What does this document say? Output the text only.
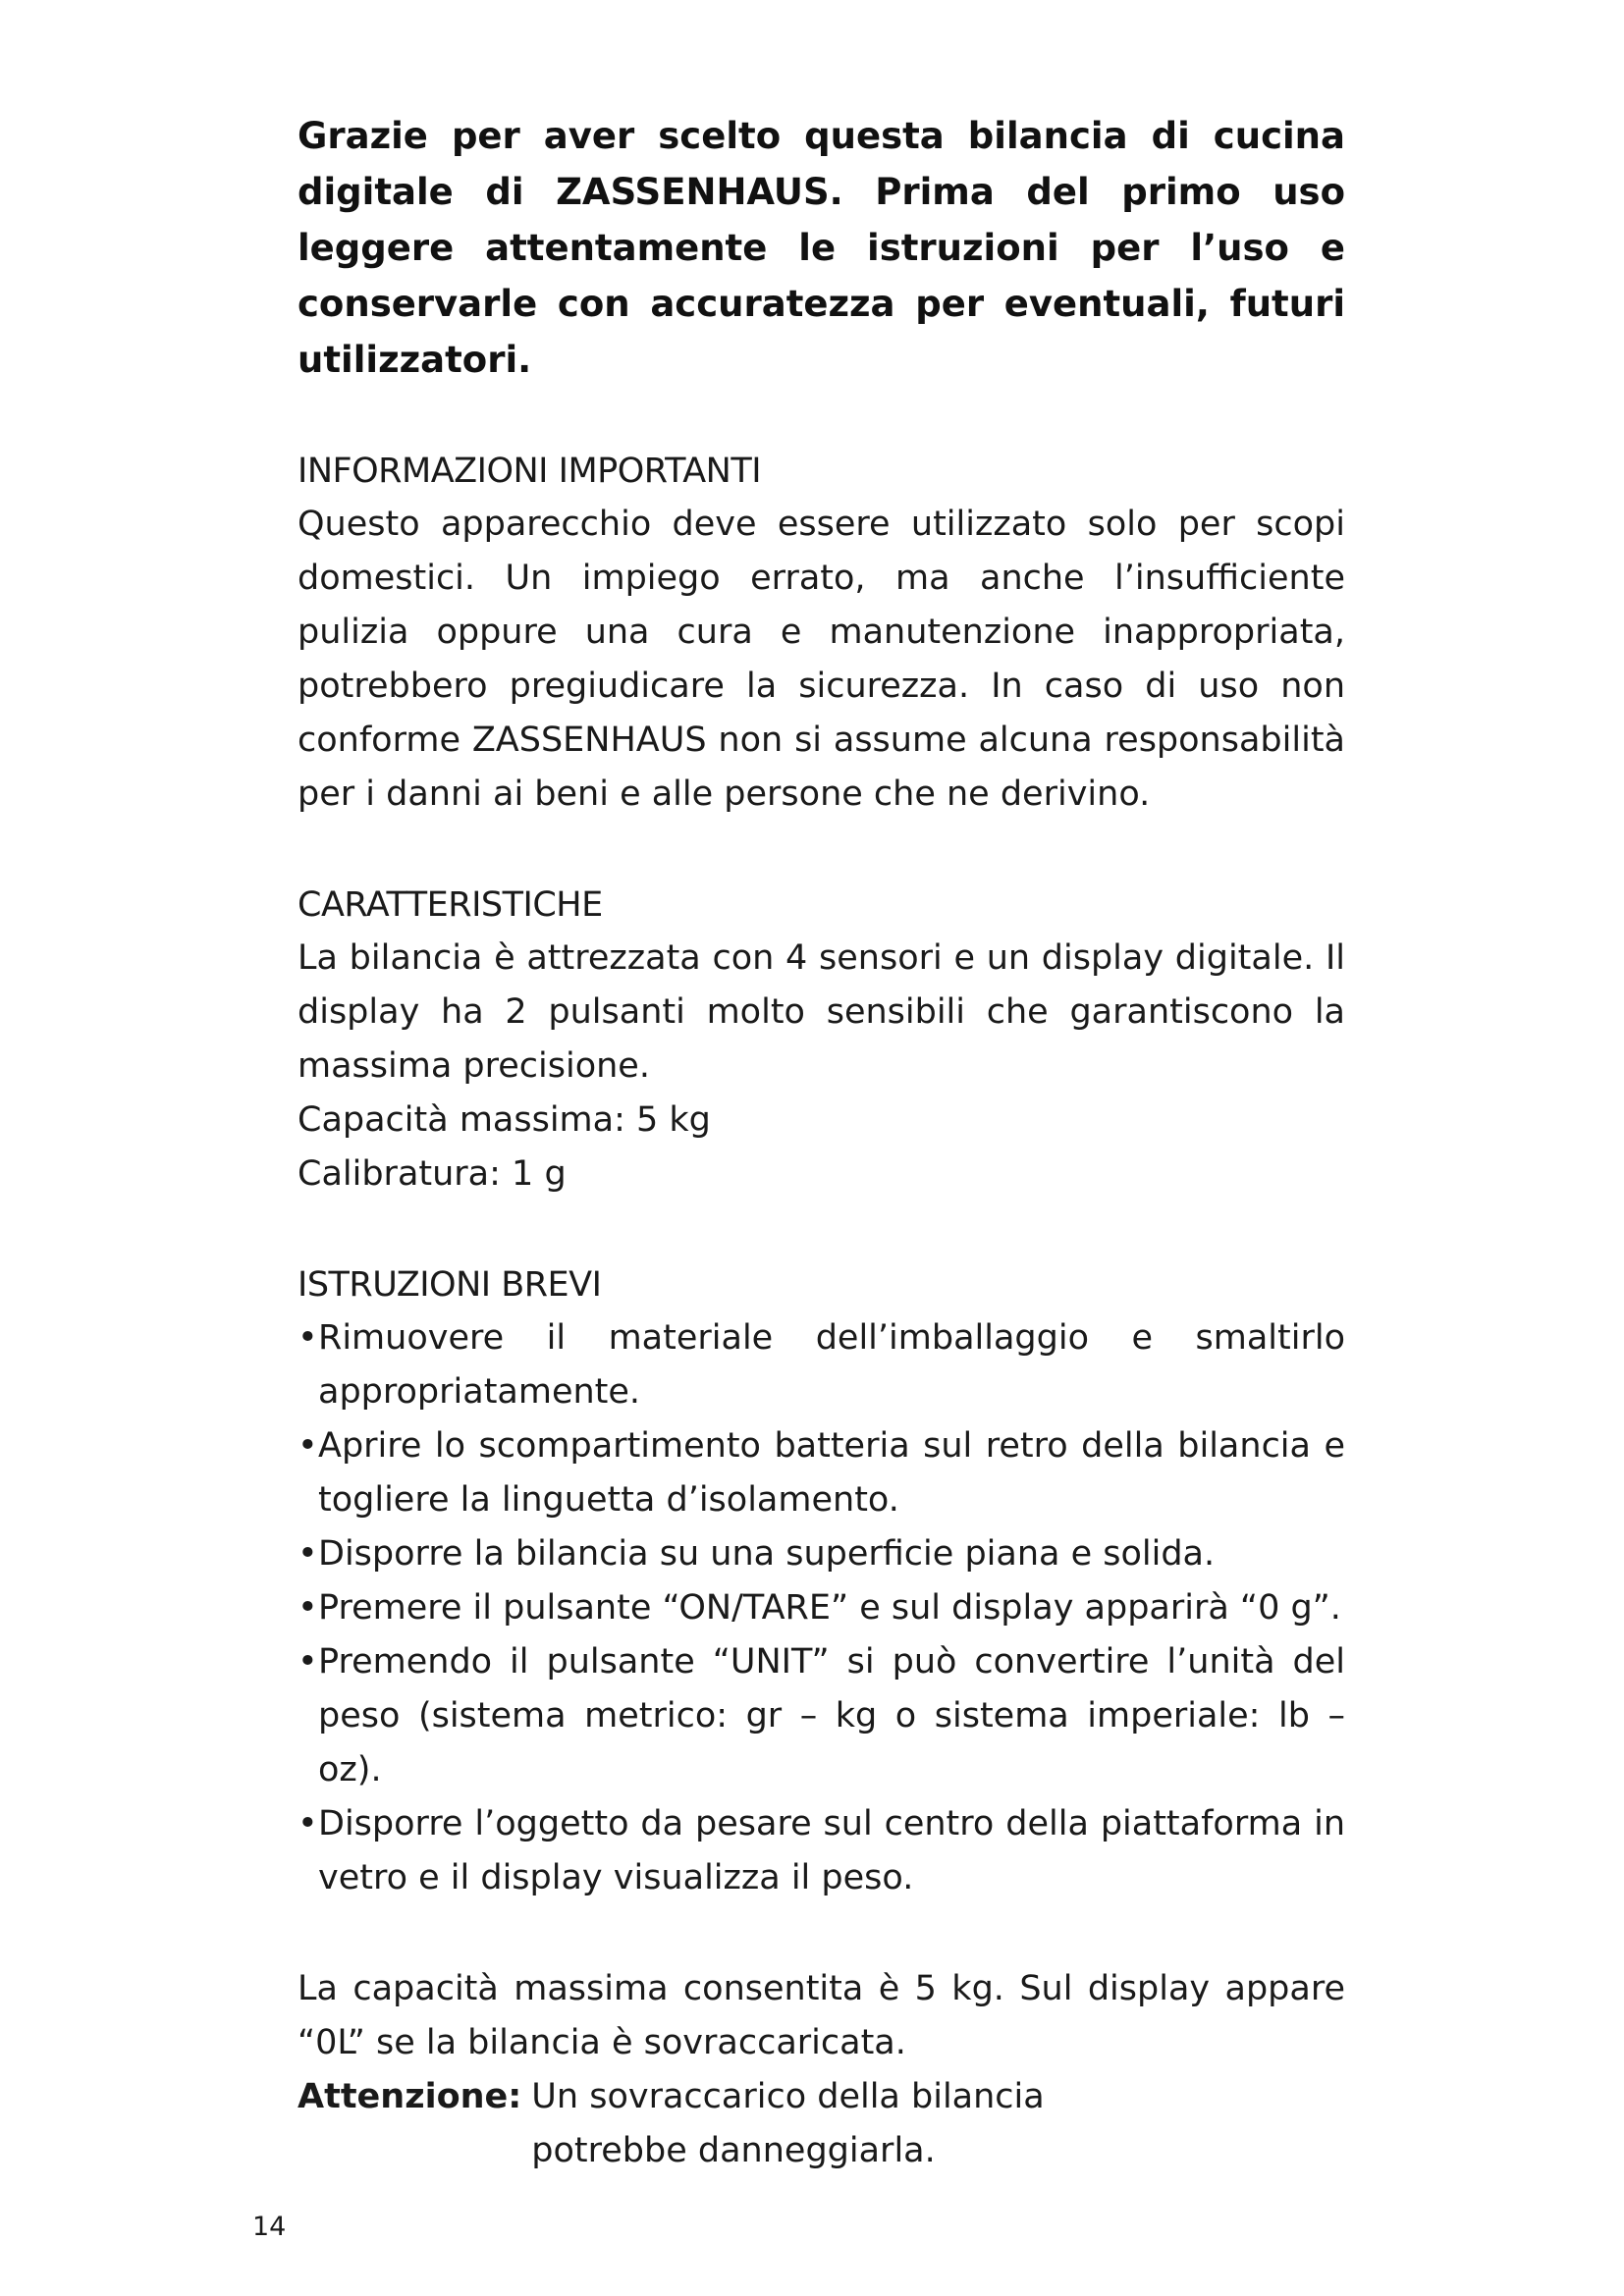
Grazie per aver scelto questa bilancia di cucina digitale di ZASSENHAUS. Prima del primo uso leggere attentamente le istruzioni per l’uso e conservarle con accuratezza per eventuali, futuri utilizzatori.

INFORMAZIONI IMPORTANTI

Questo apparecchio deve essere utilizzato solo per scopi domestici. Un impiego errato, ma anche l’insufficiente pulizia oppure una cura e manutenzione inappropriata, potrebbero pregiudicare la sicurezza. In caso di uso non conforme ZASSENHAUS non si assume alcuna responsabilità per i danni ai beni e alle persone che ne derivino.

CARATTERISTICHE

La bilancia è attrezzata con 4 sensori e un display digitale. Il display ha 2 pulsanti molto sensibili che garantiscono la massima precisione.

Capacità massima: 5 kg

Calibratura: 1 g

ISTRUZIONI BREVI

• Rimuovere il materiale dell’imballaggio e smaltirlo appropriatamente.
• Aprire lo scompartimento batteria sul retro della bilancia e togliere la linguetta d’isolamento.
• Disporre la bilancia su una superficie piana e solida.
• Premere il pulsante “ON/TARE” e sul display apparirà “0 g”.
• Premendo il pulsante “UNIT” si può convertire l’unità del peso (sistema metrico: gr – kg o sistema imperiale: lb – oz).
• Disporre l’oggetto da pesare sul centro della piattaforma in vetro e il display visualizza il peso.

La capacità massima consentita è 5 kg. Sul display appare “0L” se la bilancia è sovraccaricata.

Attenzione: Un sovraccarico della bilancia potrebbe danneggiarla.
14
